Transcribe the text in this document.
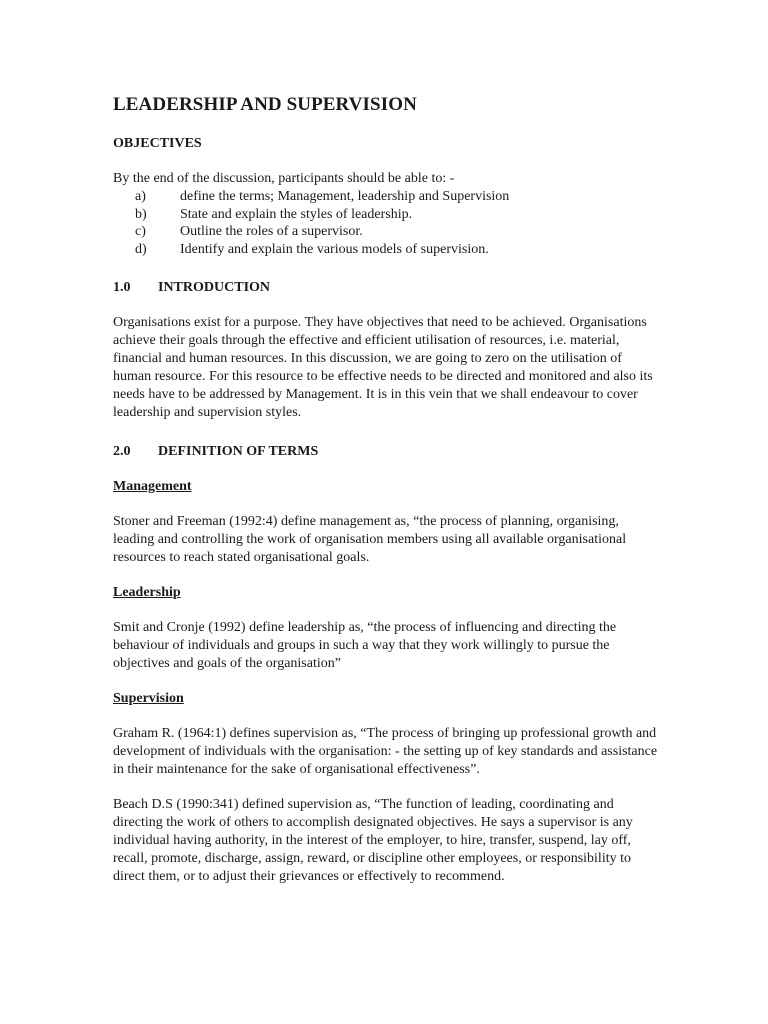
LEADERSHIP AND SUPERVISION

OBJECTIVES

By the end of the discussion, participants should be able to: -

a)	define the terms; Management, leadership and Supervision
b)	State and explain the styles of leadership.
c)	Outline the roles of a supervisor.
d)	Identify and explain the various models of supervision.

1.0 INTRODUCTION

Organisations exist for a purpose. They have objectives that need to be achieved. Organisations achieve their goals through the effective and efficient utilisation of resources, i.e. material, financial and human resources. In this discussion, we are going to zero on the utilisation of human resource. For this resource to be effective needs to be directed and monitored and also its needs have to be addressed by Management. It is in this vein that we shall endeavour to cover leadership and supervision styles.

2.0 DEFINITION OF TERMS

Management

Stoner and Freeman (1992:4) define management as, “the process of planning, organising, leading and controlling the work of organisation members using all available organisational resources to reach stated organisational goals.

Leadership

Smit and Cronje (1992) define leadership as, “the process of influencing and directing the behaviour of individuals and groups in such a way that they work willingly to pursue the objectives and goals of the organisation”

Supervision

Graham R. (1964:1) defines supervision as, “The process of bringing up professional growth and development of individuals with the organisation: - the setting up of key standards and assistance in their maintenance for the sake of organisational effectiveness”.

Beach D.S (1990:341) defined supervision as, “The function of leading, coordinating and directing the work of others to accomplish designated objectives. He says a supervisor is any individual having authority, in the interest of the employer, to hire, transfer, suspend, lay off, recall, promote, discharge, assign, reward, or discipline other employees, or responsibility to direct them, or to adjust their grievances or effectively to recommend.
